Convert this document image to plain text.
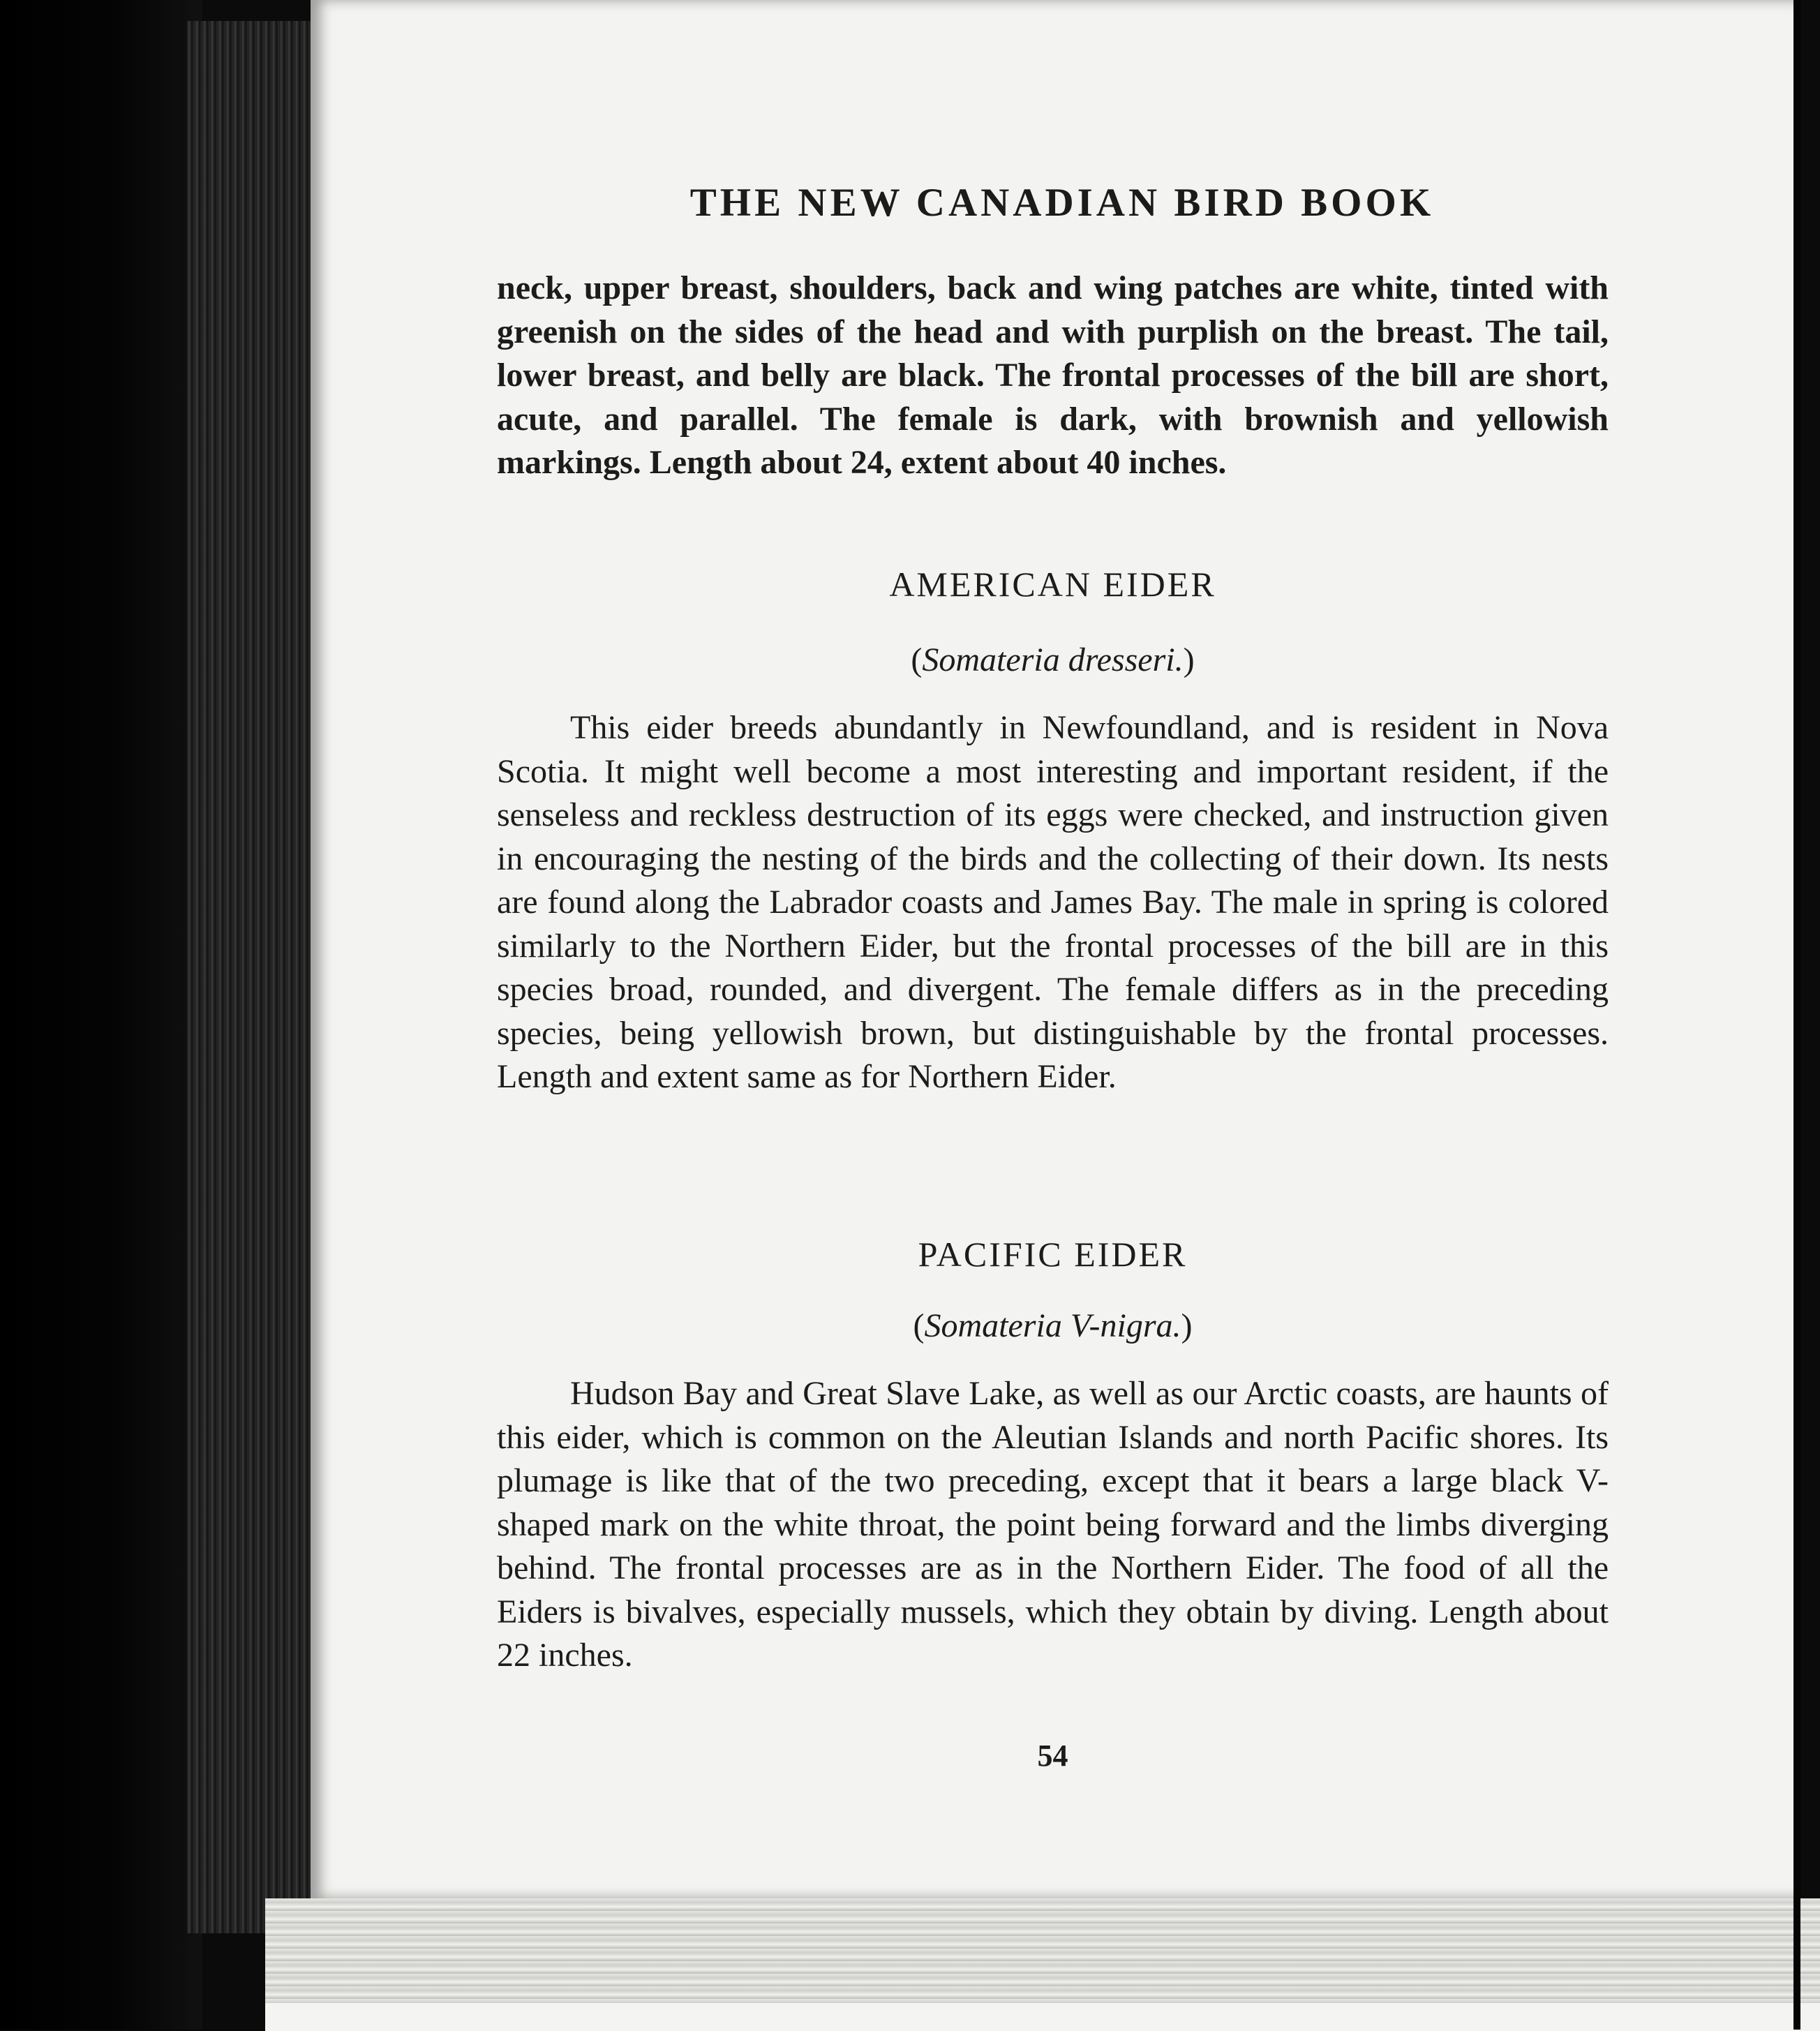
THE NEW CANADIAN BIRD BOOK
neck, upper breast, shoulders, back and wing patches are white, tinted with greenish on the sides of the head and with purplish on the breast. The tail, lower breast, and belly are black. The frontal processes of the bill are short, acute, and parallel. The female is dark, with brownish and yellowish markings. Length about 24, extent about 40 inches.
AMERICAN EIDER
(Somateria dresseri.)
This eider breeds abundantly in Newfoundland, and is resident in Nova Scotia. It might well become a most interesting and important resident, if the senseless and reckless destruction of its eggs were checked, and instruction given in encouraging the nesting of the birds and the collecting of their down. Its nests are found along the Labrador coasts and James Bay. The male in spring is colored similarly to the Northern Eider, but the frontal processes of the bill are in this species broad, rounded, and divergent. The female differs as in the preceding species, being yellowish brown, but distinguishable by the frontal processes. Length and extent same as for Northern Eider.
PACIFIC EIDER
(Somateria V-nigra.)
Hudson Bay and Great Slave Lake, as well as our Arctic coasts, are haunts of this eider, which is common on the Aleutian Islands and north Pacific shores. Its plumage is like that of the two preceding, except that it bears a large black V-shaped mark on the white throat, the point being forward and the limbs diverging behind. The frontal processes are as in the Northern Eider. The food of all the Eiders is bivalves, especially mussels, which they obtain by diving. Length about 22 inches.
54
